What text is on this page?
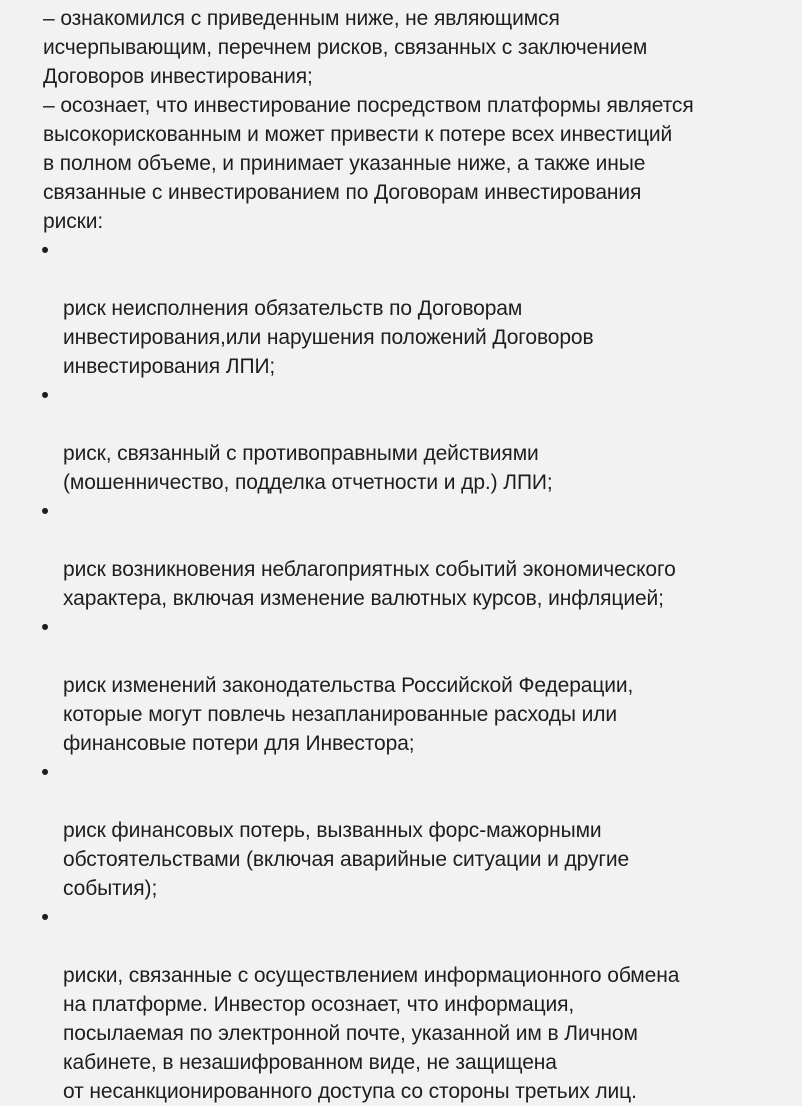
– ознакомился с приведенным ниже, не являющимся
исчерпывающим, перечнем рисков, связанных с заключением
Договоров инвестирования;

– осознает, что инвестирование посредством платформы является
высокорискованным и может привести к потере всех инвестиций
в полном объеме, и принимает указанные ниже, а также иные
связанные с инвестированием по Договорам инвестирования
риски:

•

риск неисполнения обязательств по Договорам
инвестирования,или нарушения положений Договоров
инвестирования ЛПИ;

•

риск, связанный с противоправными действиями
(мошенничество, подделка отчетности и др.) ЛПИ;

•

риск возникновения неблагоприятных событий экономического
характера, включая изменение валютных курсов, инфляцией;

•

риск изменений законодательства Российской Федерации,
которые могут повлечь незапланированные расходы или
финансовые потери для Инвестора;

•

риск финансовых потерь, вызванных форс-мажорными
обстоятельствами (включая аварийные ситуации и другие
события);

•

риски, связанные с осуществлением информационного обмена
на платформе. Инвестор осознает, что информация,
посылаемая по электронной почте, указанной им в Личном
кабинете, в незашифрованном виде, не защищена
от несанкционированного доступа со стороны третьих лиц.
